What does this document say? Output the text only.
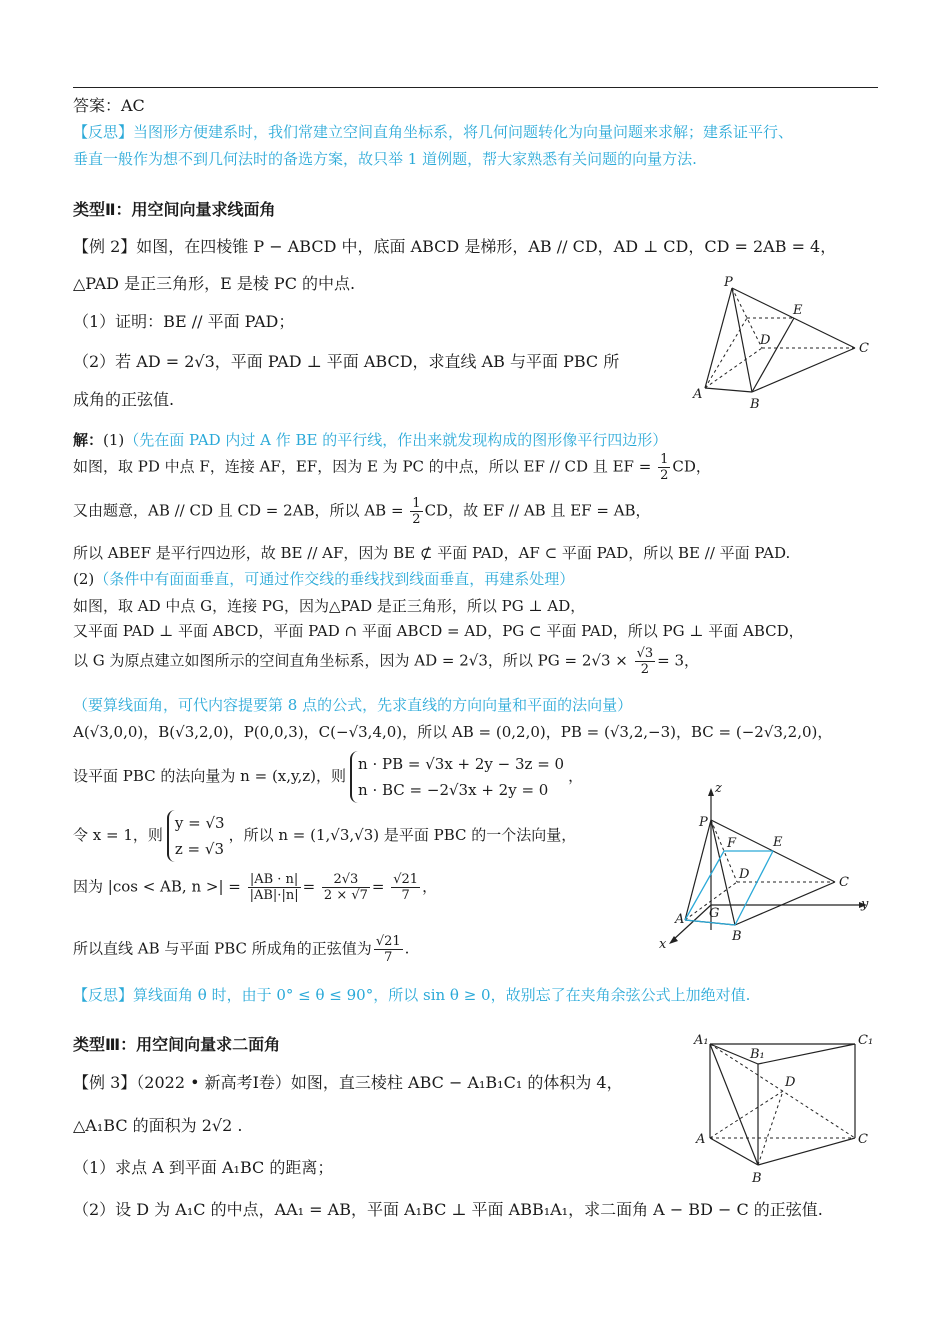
答案：AC
【反思】当图形方便建系时，我们常建立空间直角坐标系，将几何问题转化为向量问题来求解；建系证平行、
垂直一般作为想不到几何法时的备选方案，故只举 1 道例题，帮大家熟悉有关问题的向量方法.
类型Ⅱ：用空间向量求线面角
【例 2】如图，在四棱锥 P − ABCD 中，底面 ABCD 是梯形，AB // CD，AD ⊥ CD，CD = 2AB = 4，
△PAD 是正三角形，E 是棱 PC 的中点.
（1）证明：BE // 平面 PAD；
（2）若 AD = 2√3，平面 PAD ⊥ 平面 ABCD，求直线 AB 与平面 PBC 所
成角的正弦值.
P
E
D
C
A
B
解：(1)（先在面 PAD 内过 A 作 BE 的平行线，作出来就发现构成的图形像平行四边形）
如图，取 PD 中点 F，连接 AF，EF，因为 E 为 PC 的中点，所以 EF // CD 且 EF = $\frac{1}{2}$ CD，
又由题意，AB // CD 且 CD = 2AB，所以 AB = $\frac{1}{2}$ CD，故 EF // AB 且 EF = AB，
所以 ABEF 是平行四边形，故 BE // AF，因为 BE ⊄ 平面 PAD，AF ⊂ 平面 PAD，所以 BE // 平面 PAD.
(2)（条件中有面面垂直，可通过作交线的垂线找到线面垂直，再建系处理）
如图，取 AD 中点 G，连接 PG，因为△PAD 是正三角形，所以 PG ⊥ AD，
又平面 PAD ⊥ 平面 ABCD，平面 PAD ∩ 平面 ABCD = AD，PG ⊂ 平面 PAD，所以 PG ⊥ 平面 ABCD，
以 G 为原点建立如图所示的空间直角坐标系，因为 AD = 2√3，所以 PG = $2√3 \times \frac{√3}{2} = 3$，
（要算线面角，可代内容提要第 8 点的公式，先求直线的方向向量和平面的法向量）
A(√3,0,0)，B(√3,2,0)，P(0,0,3)，C(−√3,4,0)，所以 AB = (0,2,0)，PB = (√3,2,−3)，BC = (−2√3,2,0)，
设平面 PBC 的法向量为 n = (x,y,z)，则
n · PB = √3x + 2y − 3z = 0
n · BC = −2√3x + 2y = 0
，
令 x = 1，则
y = √3
z = √3
，所以 n = (1,√3,√3) 是平面 PBC 的一个法向量，
因为 |cos < AB, n >| = $\frac{|AB \cdot n|}{|AB|\cdot|n|} = \frac{2√3}{2 \times √7} = \frac{√21}{7}$ ，
所以直线 AB 与平面 PBC 所成角的正弦值为 $\frac{√21}{7}$ .
z
P
F	E
D
C
y
A G
B
x
【反思】算线面角 θ 时，由于 0° ≤ θ ≤ 90°，所以 sin θ ≥ 0，故别忘了在夹角余弦公式上加绝对值.
类型Ⅲ：用空间向量求二面角
【例 3】（2022 • 新高考Ⅰ卷）如图，直三棱柱 ABC − A₁B₁C₁ 的体积为 4，
△A₁BC 的面积为 2√2 .
（1）求点 A 到平面 A₁BC 的距离；
（2）设 D 为 A₁C 的中点，AA₁ = AB，平面 A₁BC ⊥ 平面 ABB₁A₁，求二面角 A − BD − C 的正弦值.
A₁	C₁
B₁
D
A	C
B
